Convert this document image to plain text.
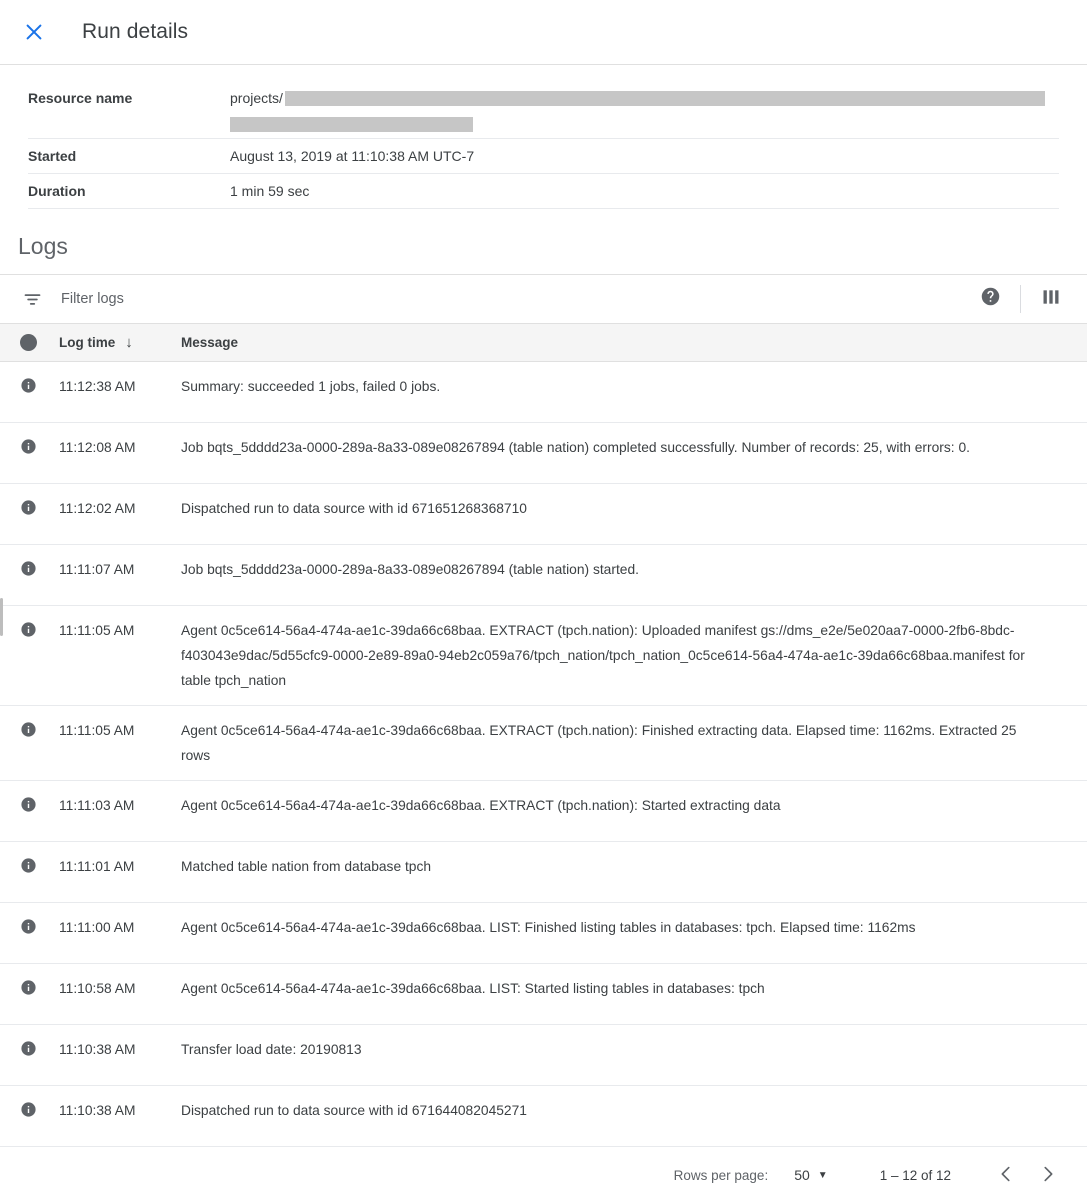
Run details
Resource name	projects/
Started	August 13, 2019 at 11:10:38 AM UTC-7
Duration	1 min 59 sec
Logs
Filter logs
Log time ↓	Message
11:12:38 AM	Summary: succeeded 1 jobs, failed 0 jobs.
11:12:08 AM	Job bqts_5dddd23a-0000-289a-8a33-089e08267894 (table nation) completed successfully. Number of records: 25, with errors: 0.
11:12:02 AM	Dispatched run to data source with id 671651268368710
11:11:07 AM	Job bqts_5dddd23a-0000-289a-8a33-089e08267894 (table nation) started.
11:11:05 AM	Agent 0c5ce614-56a4-474a-ae1c-39da66c68baa. EXTRACT (tpch.nation): Uploaded manifest gs://dms_e2e/5e020aa7-0000-2fb6-8bdc-f403043e9dac/5d55cfc9-0000-2e89-89a0-94eb2c059a76/tpch_nation/tpch_nation_0c5ce614-56a4-474a-ae1c-39da66c68baa.manifest for table tpch_nation
11:11:05 AM	Agent 0c5ce614-56a4-474a-ae1c-39da66c68baa. EXTRACT (tpch.nation): Finished extracting data. Elapsed time: 1162ms. Extracted 25 rows
11:11:03 AM	Agent 0c5ce614-56a4-474a-ae1c-39da66c68baa. EXTRACT (tpch.nation): Started extracting data
11:11:01 AM	Matched table nation from database tpch
11:11:00 AM	Agent 0c5ce614-56a4-474a-ae1c-39da66c68baa. LIST: Finished listing tables in databases: tpch. Elapsed time: 1162ms
11:10:58 AM	Agent 0c5ce614-56a4-474a-ae1c-39da66c68baa. LIST: Started listing tables in databases: tpch
11:10:38 AM	Transfer load date: 20190813
11:10:38 AM	Dispatched run to data source with id 671644082045271
Rows per page: 50 ▼	1 – 12 of 12
